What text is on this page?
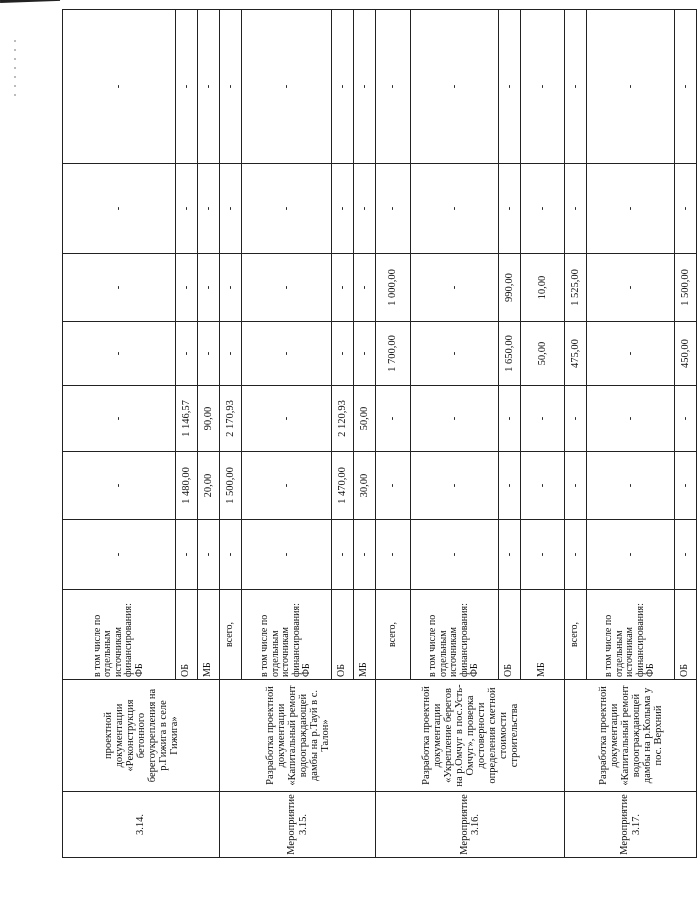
3.14.	проектной документации «Реконструкция бетонного берегоукрепления на р.Гижига в селе Гижига»	в том числе по отдельным источникам финансирования: ФБ	-	-	-	-	-	-	-
		ОБ	-	1 480,00	1 146,57	-	-	-	-
		МБ	-	20,00	90,00	-	-	-	-
Мероприятие 3.15.	Разработка проектной документации «Капитальный ремонт водоограждающей дамбы на р.Тауй в с. Талон»	всего,	-	1 500,00	2 170,93	-	-	-	-
		в том числе по отдельным источникам финансирования: ФБ	-	-	-	-	-	-	-
		ОБ	-	1 470,00	2 120,93	-	-	-	-
		МБ	-	30,00	50,00	-	-	-	-
Мероприятие 3.16.	Разработка проектной документации «Укрепление берегов на р.Омчуг в пос.Усть-Омчуг», проверка достоверности определения сметной стоимости строительства	всего,	-	-	-	1 700,00	1 000,00	-	-
		в том числе по отдельным источникам финансирования: ФБ	-	-	-	-	-	-	-
		ОБ	-	-	-	1 650,00	990,00	-	-
		МБ	-	-	-	50,00	10,00	-	-
Мероприятие 3.17.	Разработка проектной документации «Капитальный ремонт водоограждающей дамбы на р.Колыма у пос. Верхний	всего,	-	-	-	475,00	1 525,00	-	-
		в том числе по отдельным источникам финансирования: ФБ	-	-	-	-	-	-	-
		ОБ	-	-	-	450,00	1 500,00	-	-
